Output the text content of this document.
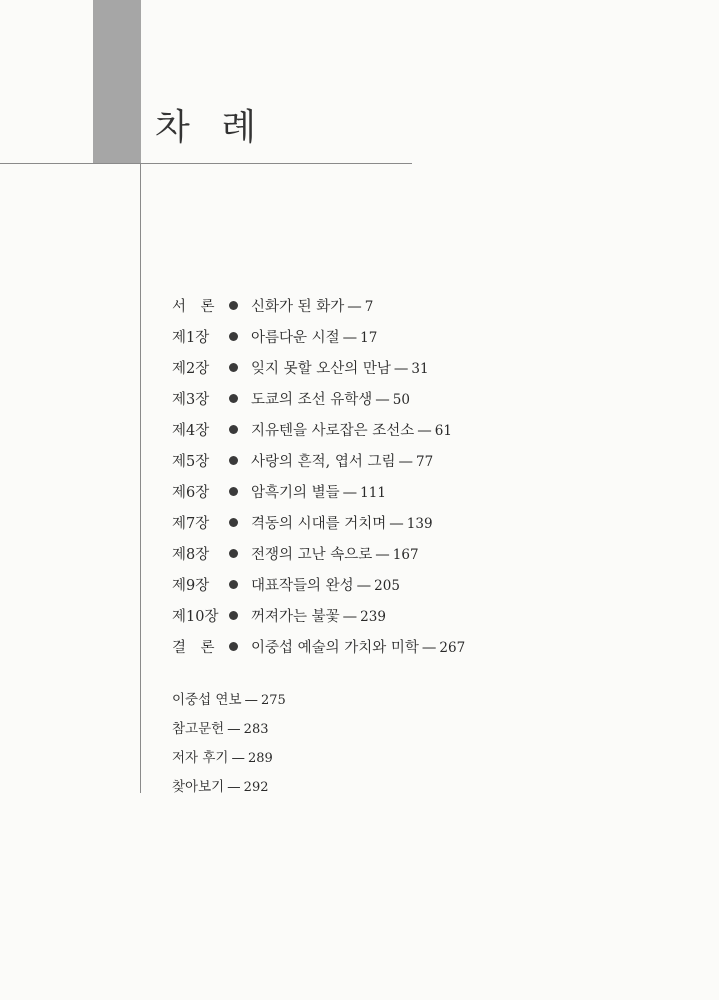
차 례
서　론	신화가 된 화가 — 7
제1장	아름다운 시절 — 17
제2장	잊지 못할 오산의 만남 — 31
제3장	도쿄의 조선 유학생 — 50
제4장	지유텐을 사로잡은 조선소 — 61
제5장	사랑의 흔적, 엽서 그림 — 77
제6장	암흑기의 별들 — 111
제7장	격동의 시대를 거치며 — 139
제8장	전쟁의 고난 속으로 — 167
제9장	대표작들의 완성 — 205
제10장 꺼져가는 불꽃 — 239
결　론	이중섭 예술의 가치와 미학 — 267
이중섭 연보 — 275
참고문헌 — 283
저자 후기 — 289
찾아보기 — 292
